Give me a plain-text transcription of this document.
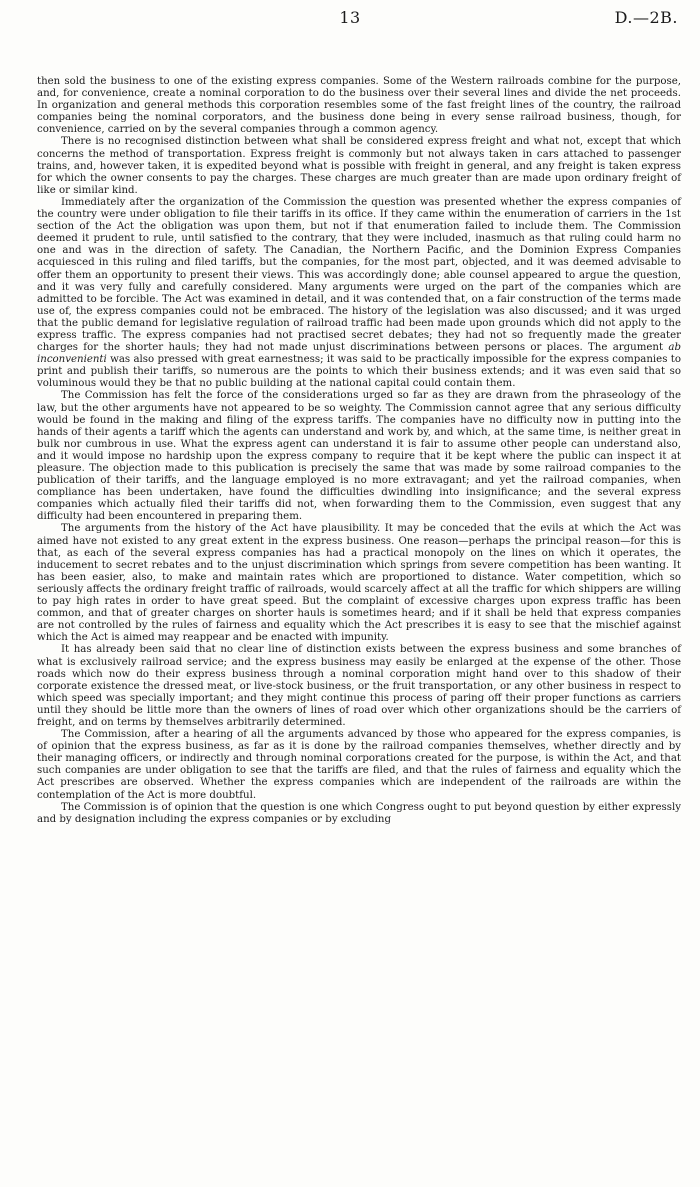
13	D.—2B.

then sold the business to one of the existing express companies. Some of the Western railroads combine for the purpose, and, for convenience, create a nominal corporation to do the business over their several lines and divide the net proceeds. In organization and general methods this corporation resembles some of the fast freight lines of the country, the railroad companies being the nominal corporators, and the business done being in every sense railroad business, though, for convenience, carried on by the several companies through a common agency.

There is no recognised distinction between what shall be considered express freight and what not, except that which concerns the method of transportation. Express freight is commonly but not always taken in cars attached to passenger trains, and, however taken, it is expedited beyond what is possible with freight in general, and any freight is taken express for which the owner consents to pay the charges. These charges are much greater than are made upon ordinary freight of like or similar kind.

Immediately after the organization of the Commission the question was presented whether the express companies of the country were under obligation to file their tariffs in its office. If they came within the enumeration of carriers in the 1st section of the Act the obligation was upon them, but not if that enumeration failed to include them. The Commission deemed it prudent to rule, until satisfied to the contrary, that they were included, inasmuch as that ruling could harm no one and was in the direction of safety. The Canadian, the Northern Pacific, and the Dominion Express Companies acquiesced in this ruling and filed tariffs, but the companies, for the most part, objected, and it was deemed advisable to offer them an opportunity to present their views. This was accordingly done; able counsel appeared to argue the question, and it was very fully and carefully considered. Many arguments were urged on the part of the companies which are admitted to be forcible. The Act was examined in detail, and it was contended that, on a fair construction of the terms made use of, the express companies could not be embraced. The history of the legislation was also discussed; and it was urged that the public demand for legislative regulation of railroad traffic had been made upon grounds which did not apply to the express traffic. The express companies had not practised secret debates; they had not so frequently made the greater charges for the shorter hauls; they had not made unjust discriminations between persons or places. The argument ab inconvenienti was also pressed with great earnestness; it was said to be practically impossible for the express companies to print and publish their tariffs, so numerous are the points to which their business extends; and it was even said that so voluminous would they be that no public building at the national capital could contain them.

The Commission has felt the force of the considerations urged so far as they are drawn from the phraseology of the law, but the other arguments have not appeared to be so weighty. The Commission cannot agree that any serious difficulty would be found in the making and filing of the express tariffs. The companies have no difficulty now in putting into the hands of their agents a tariff which the agents can understand and work by, and which, at the same time, is neither great in bulk nor cumbrous in use. What the express agent can understand it is fair to assume other people can understand also, and it would impose no hardship upon the express company to require that it be kept where the public can inspect it at pleasure. The objection made to this publication is precisely the same that was made by some railroad companies to the publication of their tariffs, and the language employed is no more extravagant; and yet the railroad companies, when compliance has been undertaken, have found the difficulties dwindling into insignificance; and the several express companies which actually filed their tariffs did not, when forwarding them to the Commission, even suggest that any difficulty had been encountered in preparing them.

The arguments from the history of the Act have plausibility. It may be conceded that the evils at which the Act was aimed have not existed to any great extent in the express business. One reason—perhaps the principal reason—for this is that, as each of the several express companies has had a practical monopoly on the lines on which it operates, the inducement to secret rebates and to the unjust discrimination which springs from severe competition has been wanting. It has been easier, also, to make and maintain rates which are proportioned to distance. Water competition, which so seriously affects the ordinary freight traffic of railroads, would scarcely affect at all the traffic for which shippers are willing to pay high rates in order to have great speed. But the complaint of excessive charges upon express traffic has been common, and that of greater charges on shorter hauls is sometimes heard; and if it shall be held that express companies are not controlled by the rules of fairness and equality which the Act prescribes it is easy to see that the mischief against which the Act is aimed may reappear and be enacted with impunity.

It has already been said that no clear line of distinction exists between the express business and some branches of what is exclusively railroad service; and the express business may easily be enlarged at the expense of the other. Those roads which now do their express business through a nominal corporation might hand over to this shadow of their corporate existence the dressed meat, or live-stock business, or the fruit transportation, or any other business in respect to which speed was specially important; and they might continue this process of paring off their proper functions as carriers until they should be little more than the owners of lines of road over which other organizations should be the carriers of freight, and on terms by themselves arbitrarily determined.

The Commission, after a hearing of all the arguments advanced by those who appeared for the express companies, is of opinion that the express business, as far as it is done by the railroad companies themselves, whether directly and by their managing officers, or indirectly and through nominal corporations created for the purpose, is within the Act, and that such companies are under obligation to see that the tariffs are filed, and that the rules of fairness and equality which the Act prescribes are observed. Whether the express companies which are independent of the railroads are within the contemplation of the Act is more doubtful.

The Commission is of opinion that the question is one which Congress ought to put beyond question by either expressly and by designation including the express companies or by excluding
